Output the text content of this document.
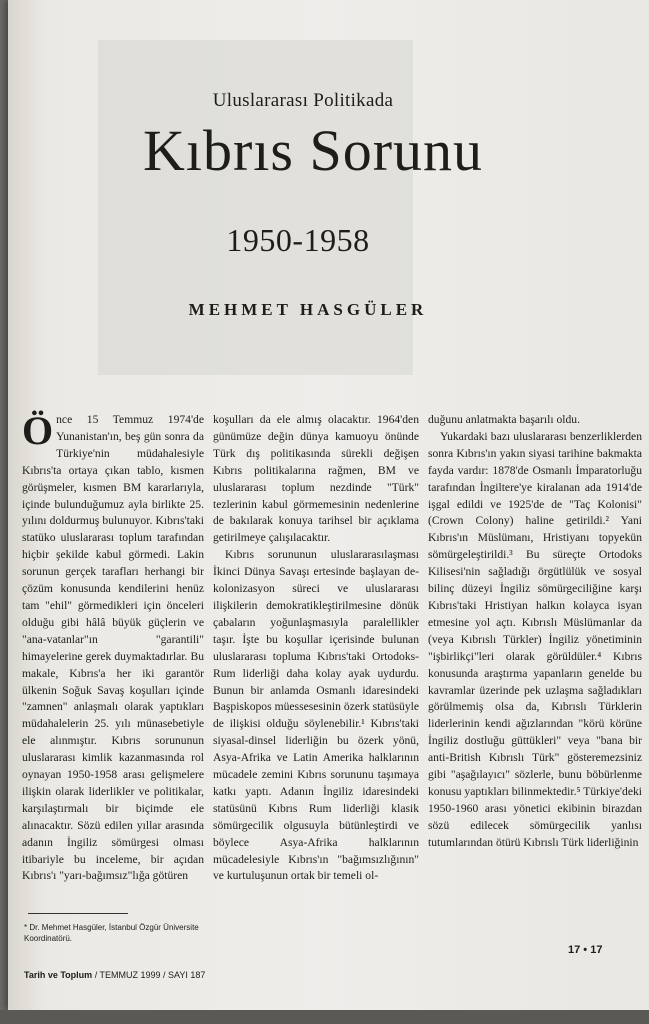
Uluslararası Politikada
Kıbrıs Sorunu
1950-1958
MEHMET HASGÜLER

Önce 15 Temmuz 1974'de Yunanistan'ın, beş gün sonra da Türkiye'nin müdahalesiyle Kıbrıs'ta ortaya çıkan tablo, kısmen görüşmeler, kısmen BM kararlarıyla, içinde bulunduğumuz ayla birlikte 25. yılını doldurmuş bulunuyor. Kıbrıs'taki statüko uluslararası toplum tarafından hiçbir şekilde kabul görmedi. Lakin sorunun gerçek tarafları herhangi bir çözüm konusunda kendilerini henüz tam "ehil" görmedikleri için önceleri olduğu gibi hâlâ büyük güçlerin ve "ana-vatanlar"ın "garantili" himayelerine gerek duymaktadırlar. Bu makale, Kıbrıs'a her iki garantör ülkenin Soğuk Savaş koşulları içinde "zamnen" anlaşmalı olarak yaptıkları müdahalelerin 25. yılı münasebetiyle ele alınmıştır. Kıbrıs sorununun uluslararası kimlik kazanmasında rol oynayan 1950-1958 arası gelişmelere ilişkin olarak liderlikler ve politikalar, karşılaştırmalı bir biçimde ele alınacaktır. Sözü edilen yıllar arasında adanın İngiliz sömürgesi olması itibariyle bu inceleme, bir açıdan Kıbrıs'ı "yarı-bağımsız"lığa götüren

koşulları da ele almış olacaktır. 1964'den günümüze değin dünya kamuoyu önünde Türk dış politikasında sürekli değişen Kıbrıs politikalarına rağmen, BM ve uluslararası toplum nezdinde "Türk" tezlerinin kabul görmemesinin nedenlerine de bakılarak konuya tarihsel bir açıklama getirilmeye çalışılacaktır.

Kıbrıs sorununun uluslararasılaşması İkinci Dünya Savaşı ertesinde başlayan de-kolonizasyon süreci ve uluslararası ilişkilerin demokratikleştirilmesine dönük çabaların yoğunlaşmasıyla paralellikler taşır. İşte bu koşullar içerisinde bulunan uluslararası topluma Kıbrıs'taki Ortodoks-Rum liderliği daha kolay ayak uydurdu. Bunun bir anlamda Osmanlı idaresindeki Başpiskopos müessesesinin özerk statüsüyle de ilişkisi olduğu söylenebilir.¹ Kıbrıs'taki siyasal-dinsel liderliğin bu özerk yönü, Asya-Afrika ve Latin Amerika halklarının mücadele zemini Kıbrıs sorununu taşımaya katkı yaptı. Adanın İngiliz idaresindeki statüsünü Kıbrıs Rum liderliği klasik sömürgecilik olgusuyla bütünleştirdi ve böylece Asya-Afrika halklarının mücadelesiyle Kıbrıs'ın "bağımsızlığının" ve kurtuluşunun ortak bir temeli ol-

duğunu anlatmakta başarılı oldu.

Yukardaki bazı uluslararası benzerliklerden sonra Kıbrıs'ın yakın siyasi tarihine bakmakta fayda vardır: 1878'de Osmanlı İmparatorluğu tarafından İngiltere'ye kiralanan ada 1914'de işgal edildi ve 1925'de de "Taç Kolonisi" (Crown Colony) haline getirildi.² Yani Kıbrıs'ın Müslümanı, Hristiyanı topyekün sömürgeleştirildi.³ Bu süreçte Ortodoks Kilisesi'nin sağladığı örgütlülük ve sosyal bilinç düzeyi İngiliz sömürgeciliğine karşı Kıbrıs'taki Hristiyan halkın kolayca isyan etmesine yol açtı. Kıbrıslı Müslümanlar da (veya Kıbrıslı Türkler) İngiliz yönetiminin "işbirlikçi"leri olarak görüldüler.⁴ Kıbrıs konusunda araştırma yapanların genelde bu kavramlar üzerinde pek uzlaşma sağladıkları görülmemiş olsa da, Kıbrıslı Türklerin liderlerinin kendi ağızlarından "körü körüne İngiliz dostluğu güttükleri" veya "bana bir anti-British Kıbrıslı Türk" gösteremezsiniz gibi "aşağılayıcı" sözlerle, bunu böbürlenme konusu yaptıkları bilinmektedir.⁵ Türkiye'deki 1950-1960 arası yönetici ekibinin birazdan sözü edilecek sömürgecilik yanlısı tutumlarından ötürü Kıbrıslı Türk liderliğinin

* Dr. Mehmet Hasgüler, İstanbul Özgür Üniversite Koordinatörü.
Tarih ve Toplum / TEMMUZ 1999 / SAYI 187
17 • 17
